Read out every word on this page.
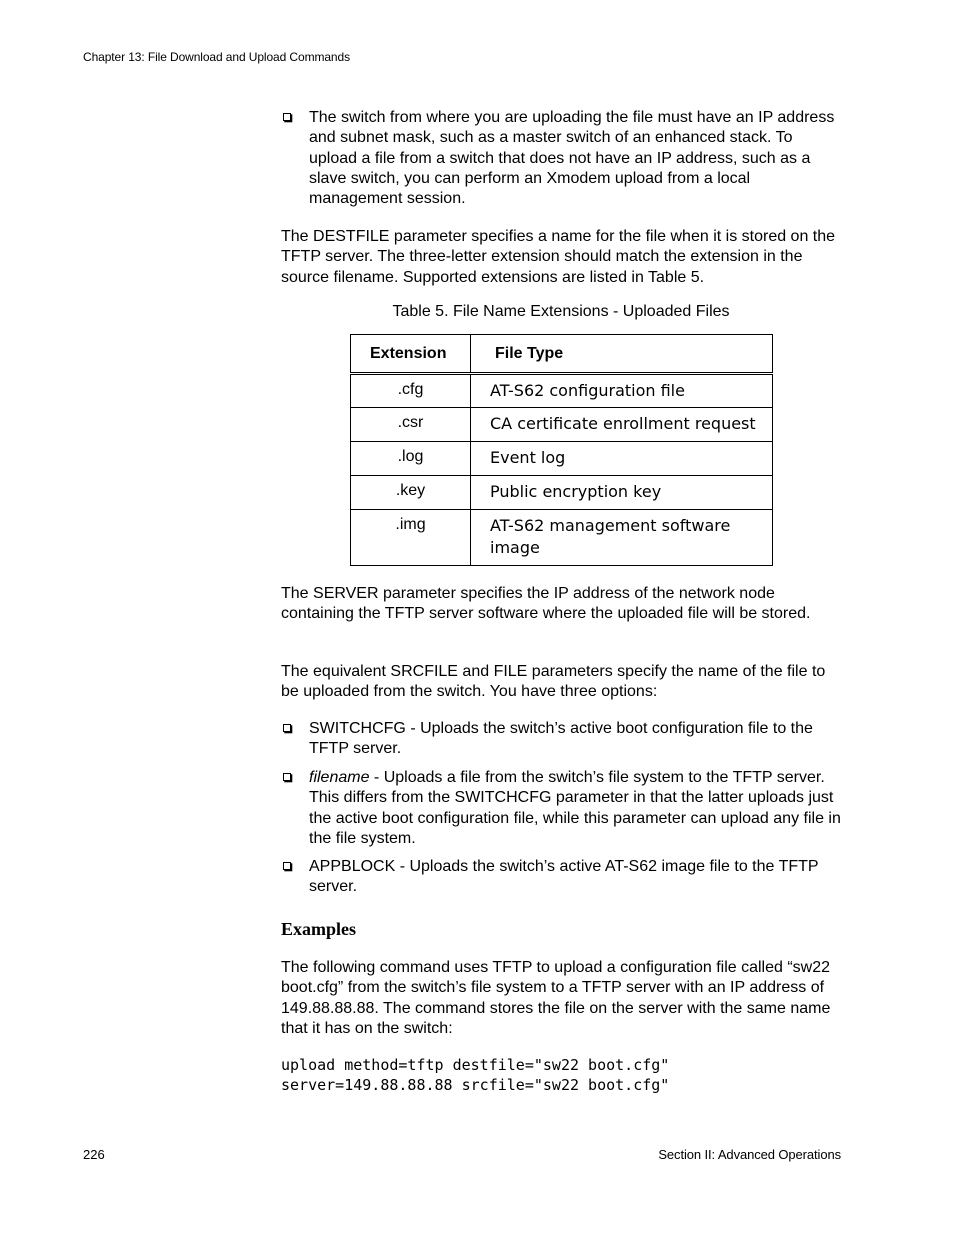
Chapter 13: File Download and Upload Commands
The switch from where you are uploading the file must have an IP address and subnet mask, such as a master switch of an enhanced stack. To upload a file from a switch that does not have an IP address, such as a slave switch, you can perform an Xmodem upload from a local management session.

The DESTFILE parameter specifies a name for the file when it is stored on the TFTP server. The three-letter extension should match the extension in the source filename. Supported extensions are listed in Table 5.

Table 5. File Name Extensions - Uploaded Files
Extension	File Type
.cfg	AT-S62 configuration file
.csr	CA certificate enrollment request
.log	Event log
.key	Public encryption key
.img	AT-S62 management software image

The SERVER parameter specifies the IP address of the network node containing the TFTP server software where the uploaded file will be stored.

The equivalent SRCFILE and FILE parameters specify the name of the file to be uploaded from the switch. You have three options:

SWITCHCFG - Uploads the switch’s active boot configuration file to the TFTP server.
filename - Uploads a file from the switch’s file system to the TFTP server. This differs from the SWITCHCFG parameter in that the latter uploads just the active boot configuration file, while this parameter can upload any file in the file system.
APPBLOCK - Uploads the switch’s active AT-S62 image file to the TFTP server.
Examples

The following command uses TFTP to upload a configuration file called “sw22 boot.cfg” from the switch’s file system to a TFTP server with an IP address of 149.88.88.88. The command stores the file on the server with the same name that it has on the switch:

upload method=tftp destfile="sw22 boot.cfg"
server=149.88.88.88 srcfile="sw22 boot.cfg"
226	Section II: Advanced Operations
